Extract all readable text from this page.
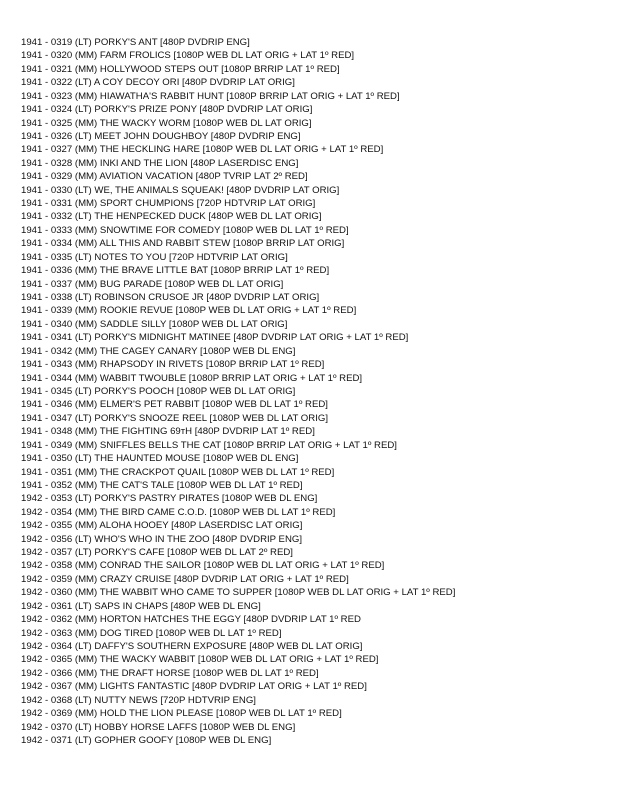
1941 - 0319 (LT) PORKY'S ANT [480P DVDRIP ENG]
1941 - 0320 (MM) FARM FROLICS [1080P WEB DL LAT ORIG + LAT 1º RED]
1941 - 0321 (MM) HOLLYWOOD STEPS OUT [1080P BRRIP LAT 1º RED]
1941 - 0322 (LT) A COY DECOY ORI [480P DVDRIP LAT ORIG]
1941 - 0323 (MM) HIAWATHA'S RABBIT HUNT [1080P BRRIP LAT ORIG + LAT 1º RED]
1941 - 0324 (LT) PORKY'S PRIZE PONY [480P DVDRIP LAT ORIG]
1941 - 0325 (MM) THE WACKY WORM [1080P WEB DL LAT ORIG]
1941 - 0326 (LT) MEET JOHN DOUGHBOY [480P DVDRIP ENG]
1941 - 0327 (MM) THE HECKLING HARE [1080P WEB DL LAT ORIG + LAT 1º RED]
1941 - 0328 (MM) INKI AND THE LION [480P LASERDISC ENG]
1941 - 0329 (MM) AVIATION VACATION [480P TVRIP LAT 2º RED]
1941 - 0330 (LT) WE, THE ANIMALS SQUEAK! [480P DVDRIP LAT ORIG]
1941 - 0331 (MM) SPORT CHUMPIONS [720P HDTVRIP LAT ORIG]
1941 - 0332 (LT) THE HENPECKED DUCK [480P WEB DL LAT ORIG]
1941 - 0333 (MM) SNOWTIME FOR COMEDY [1080P WEB DL LAT 1º RED]
1941 - 0334 (MM) ALL THIS AND RABBIT STEW [1080P BRRIP LAT ORIG]
1941 - 0335 (LT) NOTES TO YOU [720P HDTVRIP LAT ORIG]
1941 - 0336 (MM) THE BRAVE LITTLE BAT [1080P BRRIP LAT 1º RED]
1941 - 0337 (MM) BUG PARADE [1080P WEB DL LAT ORIG]
1941 - 0338 (LT) ROBINSON CRUSOE JR [480P DVDRIP LAT ORIG]
1941 - 0339 (MM) ROOKIE REVUE [1080P WEB DL LAT ORIG + LAT 1º RED]
1941 - 0340 (MM) SADDLE SILLY [1080P WEB DL LAT ORIG]
1941 - 0341 (LT) PORKY'S MIDNIGHT MATINEE [480P DVDRIP LAT ORIG + LAT 1º RED]
1941 - 0342 (MM) THE CAGEY CANARY [1080P WEB DL ENG]
1941 - 0343 (MM) RHAPSODY IN RIVETS [1080P BRRIP LAT 1º RED]
1941 - 0344 (MM) WABBIT TWOUBLE [1080P BRRIP LAT ORIG + LAT 1º RED]
1941 - 0345 (LT) PORKY'S POOCH [1080P WEB DL LAT ORIG]
1941 - 0346 (MM) ELMER'S PET RABBIT [1080P WEB DL LAT 1º RED]
1941 - 0347 (LT) PORKY'S SNOOZE REEL [1080P WEB DL LAT ORIG]
1941 - 0348 (MM) THE FIGHTING 69ᴛH [480P DVDRIP LAT 1º RED]
1941 - 0349 (MM) SNIFFLES BELLS THE CAT [1080P BRRIP LAT ORIG + LAT 1º RED]
1941 - 0350 (LT) THE HAUNTED MOUSE [1080P WEB DL ENG]
1941 - 0351 (MM) THE CRACKPOT QUAIL [1080P WEB DL LAT 1º RED]
1941 - 0352 (MM) THE CAT'S TALE [1080P WEB DL LAT 1º RED]
1942 - 0353 (LT) PORKY'S PASTRY PIRATES [1080P WEB DL ENG]
1942 - 0354 (MM) THE BIRD CAME C.O.D. [1080P WEB DL LAT 1º RED]
1942 - 0355 (MM) ALOHA HOOEY [480P LASERDISC LAT ORIG]
1942 - 0356 (LT) WHO'S WHO IN THE ZOO [480P DVDRIP ENG]
1942 - 0357 (LT) PORKY'S CAFE [1080P WEB DL LAT 2º RED]
1942 - 0358 (MM) CONRAD THE SAILOR [1080P WEB DL LAT ORIG + LAT 1º RED]
1942 - 0359 (MM) CRAZY CRUISE [480P DVDRIP LAT ORIG + LAT 1º RED]
1942 - 0360 (MM) THE WABBIT WHO CAME TO SUPPER [1080P WEB DL LAT ORIG + LAT 1º RED]
1942 - 0361 (LT) SAPS IN CHAPS [480P WEB DL ENG]
1942 - 0362 (MM) HORTON HATCHES THE EGGY [480P DVDRIP LAT 1º RED
1942 - 0363 (MM) DOG TIRED [1080P WEB DL LAT 1º RED]
1942 - 0364 (LT) DAFFY'S SOUTHERN EXPOSURE [480P WEB DL LAT ORIG]
1942 - 0365 (MM) THE WACKY WABBIT [1080P WEB DL LAT ORIG + LAT 1º RED]
1942 - 0366 (MM) THE DRAFT HORSE [1080P WEB DL LAT 1º RED]
1942 - 0367 (MM) LIGHTS FANTASTIC [480P DVDRIP LAT ORIG + LAT 1º RED]
1942 - 0368 (LT) NUTTY NEWS [720P HDTVRIP ENG]
1942 - 0369 (MM) HOLD THE LION PLEASE [1080P WEB DL LAT 1º RED]
1942 - 0370 (LT) HOBBY HORSE LAFFS [1080P WEB DL ENG]
1942 - 0371 (LT) GOPHER GOOFY [1080P WEB DL ENG]
